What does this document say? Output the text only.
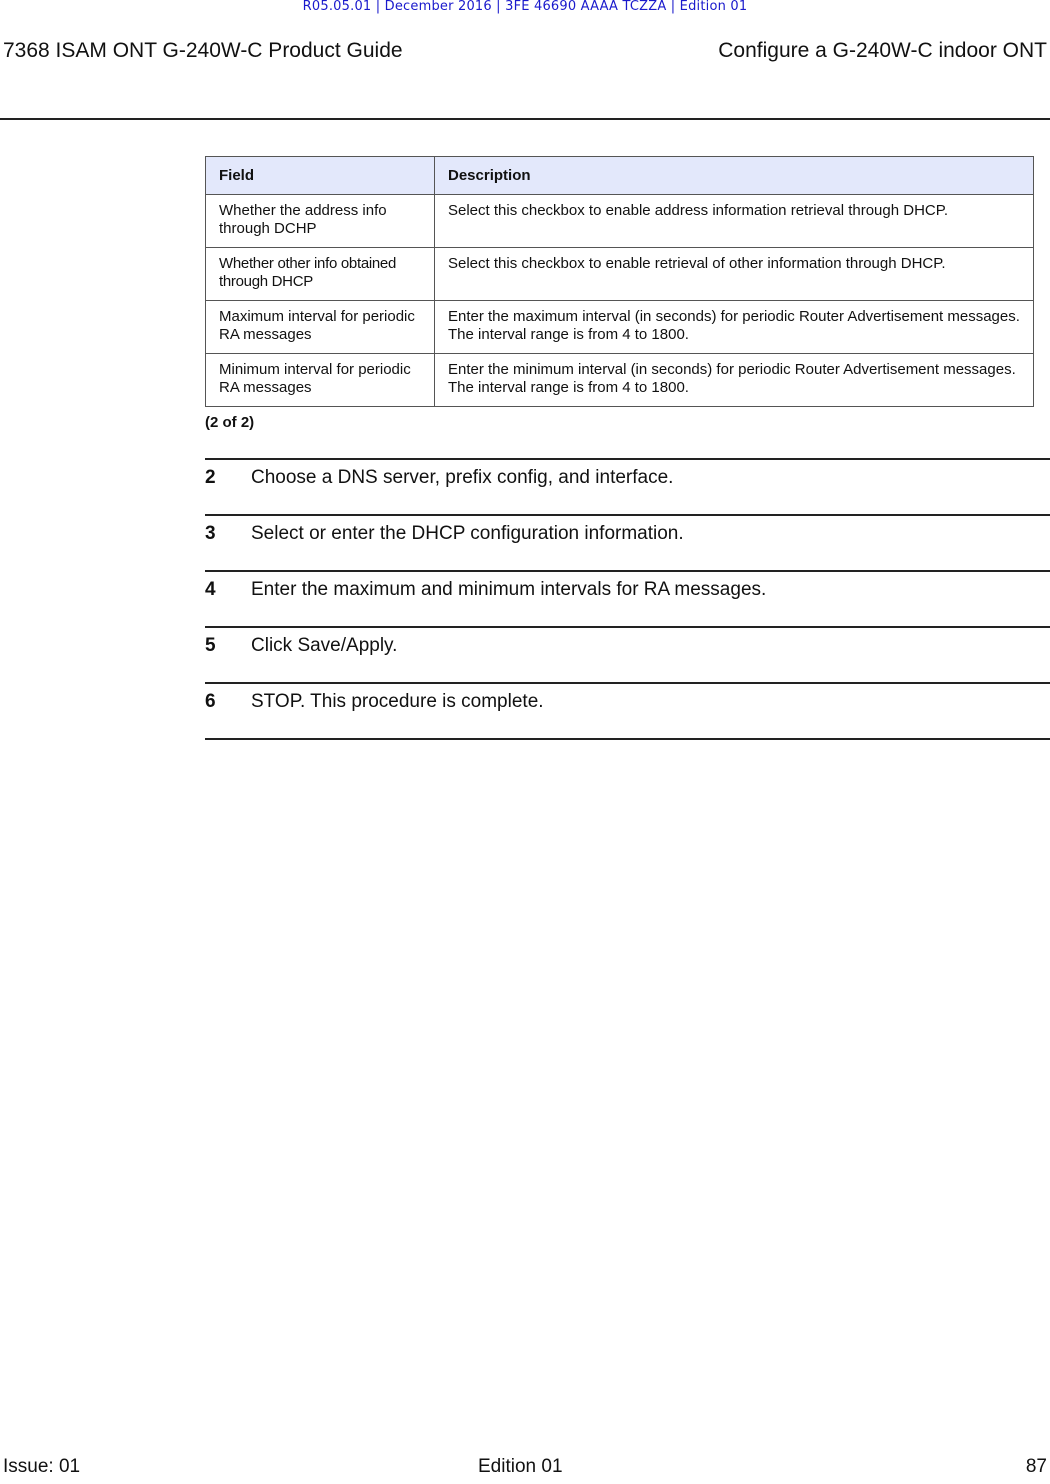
R05.05.01 | December 2016 | 3FE 46690 AAAA TCZZA | Edition 01
7368 ISAM ONT G-240W-C Product Guide	Configure a G-240W-C indoor ONT
Field	Description
Whether the address info through DCHP	Select this checkbox to enable address information retrieval through DHCP.
Whether other info obtained through DHCP	Select this checkbox to enable retrieval of other information through DHCP.
Maximum interval for periodic RA messages	Enter the maximum interval (in seconds) for periodic Router Advertisement messages. The interval range is from 4 to 1800.
Minimum interval for periodic RA messages	Enter the minimum interval (in seconds) for periodic Router Advertisement messages. The interval range is from 4 to 1800.
(2 of 2)
2 Choose a DNS server, prefix config, and interface.
3 Select or enter the DHCP configuration information.
4 Enter the maximum and minimum intervals for RA messages.
5 Click Save/Apply.
6 STOP. This procedure is complete.
Issue: 01	Edition 01	87
